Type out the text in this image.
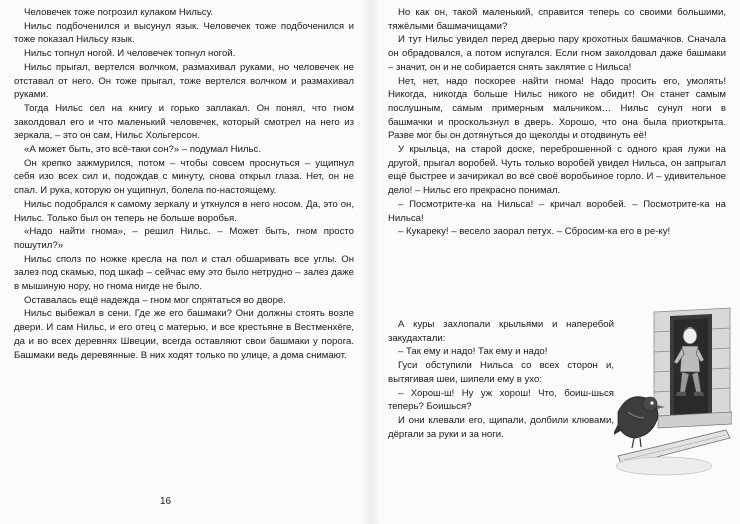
Человечек тоже погрозил кулаком Нильсу.

Нильс подбоченился и высунул язык. Человечек тоже подбоченился и тоже показал Нильсу язык.

Нильс топнул ногой. И человечек топнул ногой.

Нильс прыгал, вертелся волчком, размахивал руками, но человечек не отставал от него. Он тоже прыгал, тоже вертелся волчком и размахивал руками.

Тогда Нильс сел на книгу и горько заплакал. Он понял, что гном заколдовал его и что маленький человечек, который смотрел на него из зеркала, – это он сам, Нильс Хольгерсон.

«А может быть, это всё-таки сон?» – подумал Нильс.

Он крепко зажмурился, потом – чтобы совсем проснуться – ущипнул себя изо всех сил и, подождав с минуту, снова открыл глаза. Нет, он не спал. И рука, которую он ущипнул, болела по-настоящему.

Нильс подобрался к самому зеркалу и уткнулся в него носом. Да, это он, Нильс. Только был он теперь не больше воробья.

«Надо найти гнома», – решил Нильс. – Может быть, гном просто пошутил?»

Нильс сполз по ножке кресла на пол и стал обшаривать все углы. Он залез под скамью, под шкаф – сейчас ему это было нетрудно – залез даже в мышиную нору, но гнома нигде не было.

Оставалась ещё надежда – гном мог спрятаться во дворе.

Нильс выбежал в сени. Где же его башмаки? Они должны стоять возле двери. И сам Нильс, и его отец с матерью, и все крестьяне в Вестменхёге, да и во всех деревнях Швеции, всегда оставляют свои башмаки у порога. Башмаки ведь деревянные. В них ходят только по улице, а дома снимают.

16

Но как он, такой маленький, справится теперь со своими большими, тяжёлыми башмачищами?

И тут Нильс увидел перед дверью пару крохотных башмачков. Сначала он обрадовался, а потом испугался. Если гном заколдовал даже башмаки – значит, он и не собирается снять заклятие с Нильса!

Нет, нет, надо поскорее найти гнома! Надо просить его, умолять! Никогда, никогда больше Нильс никого не обидит! Он станет самым послушным, самым примерным мальчиком… Нильс сунул ноги в башмачки и проскользнул в дверь. Хорошо, что она была приоткрыта. Разве мог бы он дотянуться до щеколды и отодвинуть её!

У крыльца, на старой доске, переброшенной с одного края лужи на другой, прыгал воробей. Чуть только воробей увидел Нильса, он запрыгал ещё быстрее и зачирикал во всё своё воробьиное горло. И – удивительное дело! – Нильс его прекрасно понимал.

– Посмотрите-ка на Нильса! – кричал воробей. – Посмотрите-ка на Нильса!

– Кукареку! – весело заорал петух. – Сбросим-ка его в ре-ку!

А куры захлопали крыльями и наперебой закудахтали:

– Так ему и надо! Так ему и надо!

Гуси обступили Нильса со всех сторон и, вытягивая шеи, шипели ему в ухо:

– Хорош-ш! Ну уж хорош! Что, боиш-шься теперь? Боишься?

И они клевали его, щипали, долбили клювами, дёргали за руки и за ноги.
